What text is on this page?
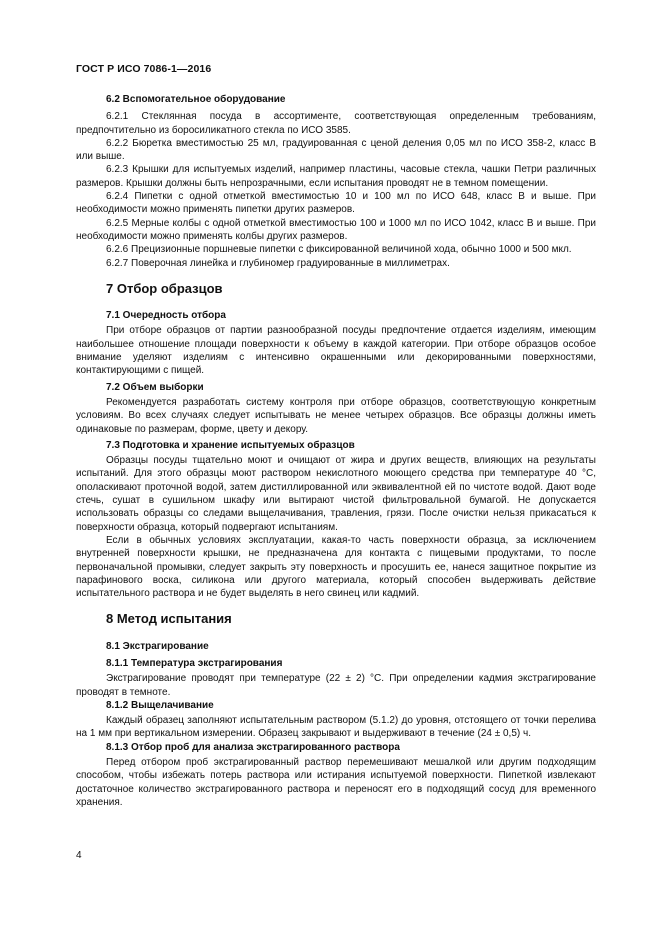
ГОСТ Р ИСО 7086-1—2016
6.2 Вспомогательное оборудование

6.2.1 Стеклянная посуда в ассортименте, соответствующая определенным требованиям, предпочтительно из боросиликатного стекла по ИСО 3585.

6.2.2 Бюретка вместимостью 25 мл, градуированная с ценой деления 0,05 мл по ИСО 358-2, класс В или выше.

6.2.3 Крышки для испытуемых изделий, например пластины, часовые стекла, чашки Петри различных размеров. Крышки должны быть непрозрачными, если испытания проводят не в темном помещении.

6.2.4 Пипетки с одной отметкой вместимостью 10 и 100 мл по ИСО 648, класс В и выше. При необходимости можно применять пипетки других размеров.

6.2.5 Мерные колбы с одной отметкой вместимостью 100 и 1000 мл по ИСО 1042, класс В и выше. При необходимости можно применять колбы других размеров.

6.2.6 Прецизионные поршневые пипетки с фиксированной величиной хода, обычно 1000 и 500 мкл.

6.2.7 Поверочная линейка и глубиномер градуированные в миллиметрах.

7 Отбор образцов
7.1 Очередность отбора

При отборе образцов от партии разнообразной посуды предпочтение отдается изделиям, имеющим наибольшее отношение площади поверхности к объему в каждой категории. При отборе образцов особое внимание уделяют изделиям с интенсивно окрашенными или декорированными поверхностями, контактирующими с пищей.

7.2 Объем выборки

Рекомендуется разработать систему контроля при отборе образцов, соответствующую конкретным условиям. Во всех случаях следует испытывать не менее четырех образцов. Все образцы должны иметь одинаковые по размерам, форме, цвету и декору.

7.3 Подготовка и хранение испытуемых образцов

Образцы посуды тщательно моют и очищают от жира и других веществ, влияющих на результаты испытаний. Для этого образцы моют раствором некислотного моющего средства при температуре 40 °С, ополаскивают проточной водой, затем дистиллированной или эквивалентной ей по чистоте водой. Дают воде стечь, сушат в сушильном шкафу или вытирают чистой фильтровальной бумагой. Не допускается использовать образцы со следами выщелачивания, травления, грязи. После очистки нельзя прикасаться к поверхности образца, который подвергают испытаниям.

Если в обычных условиях эксплуатации, какая-то часть поверхности образца, за исключением внутренней поверхности крышки, не предназначена для контакта с пищевыми продуктами, то после первоначальной промывки, следует закрыть эту поверхность и просушить ее, нанеся защитное покрытие из парафинового воска, силикона или другого материала, который способен выдерживать действие испытательного раствора и не будет выделять в него свинец или кадмий.

8 Метод испытания
8.1 Экстрагирование
8.1.1 Температура экстрагирования

Экстрагирование проводят при температуре (22 ± 2) °С. При определении кадмия экстрагирование проводят в темноте.

8.1.2 Выщелачивание

Каждый образец заполняют испытательным раствором (5.1.2) до уровня, отстоящего от точки перелива на 1 мм при вертикальном измерении. Образец закрывают и выдерживают в течение (24 ± 0,5) ч.

8.1.3 Отбор проб для анализа экстрагированного раствора

Перед отбором проб экстрагированный раствор перемешивают мешалкой или другим подходящим способом, чтобы избежать потерь раствора или истирания испытуемой поверхности. Пипеткой извлекают достаточное количество экстрагированного раствора и переносят его в подходящий сосуд для временного хранения.

4
